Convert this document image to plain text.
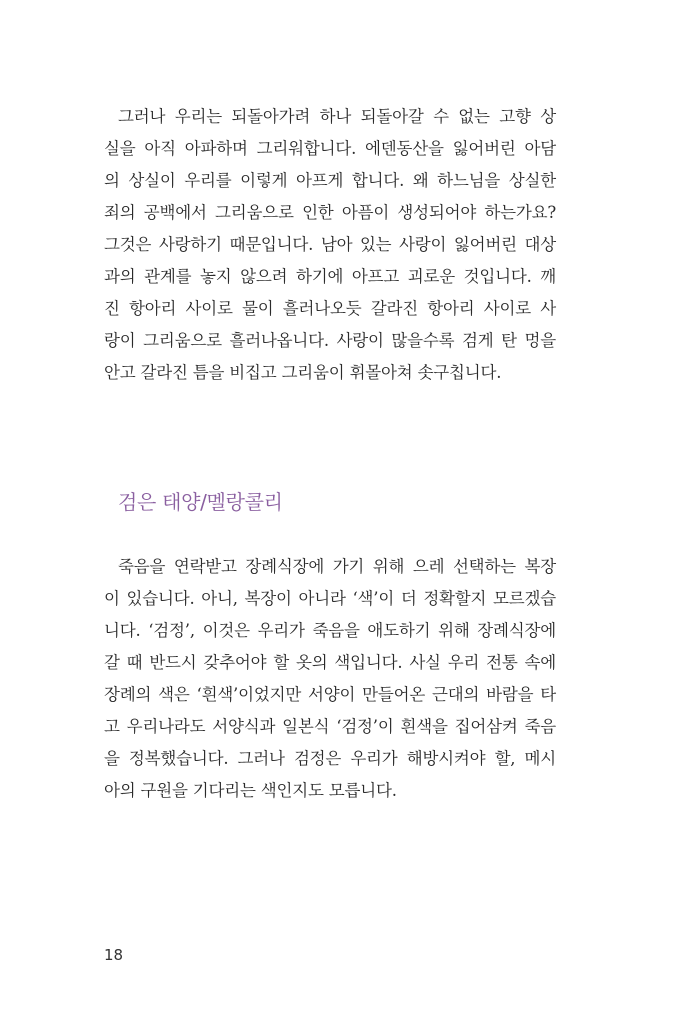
그러나 우리는 되돌아가려 하나 되돌아갈 수 없는 고향 상
실을 아직 아파하며 그리워합니다. 에덴동산을 잃어버린 아담
의 상실이 우리를 이렇게 아프게 합니다. 왜 하느님을 상실한
죄의 공백에서 그리움으로 인한 아픔이 생성되어야 하는가요?
그것은 사랑하기 때문입니다. 남아 있는 사랑이 잃어버린 대상
과의 관계를 놓지 않으려 하기에 아프고 괴로운 것입니다. 깨
진 항아리 사이로 물이 흘러나오듯 갈라진 항아리 사이로 사
랑이 그리움으로 흘러나옵니다. 사랑이 많을수록 검게 탄 멍을
안고 갈라진 틈을 비집고 그리움이 휘몰아쳐 솟구칩니다.
검은 태양/멜랑콜리
죽음을 연락받고 장례식장에 가기 위해 으레 선택하는 복장
이 있습니다. 아니, 복장이 아니라 ‘색’이 더 정확할지 모르겠습
니다. ‘검정’, 이것은 우리가 죽음을 애도하기 위해 장례식장에
갈 때 반드시 갖추어야 할 옷의 색입니다. 사실 우리 전통 속에
장례의 색은 ‘흰색’이었지만 서양이 만들어온 근대의 바람을 타
고 우리나라도 서양식과 일본식 ‘검정’이 흰색을 집어삼켜 죽음
을 정복했습니다. 그러나 검정은 우리가 해방시켜야 할, 메시
아의 구원을 기다리는 색인지도 모릅니다.
18
